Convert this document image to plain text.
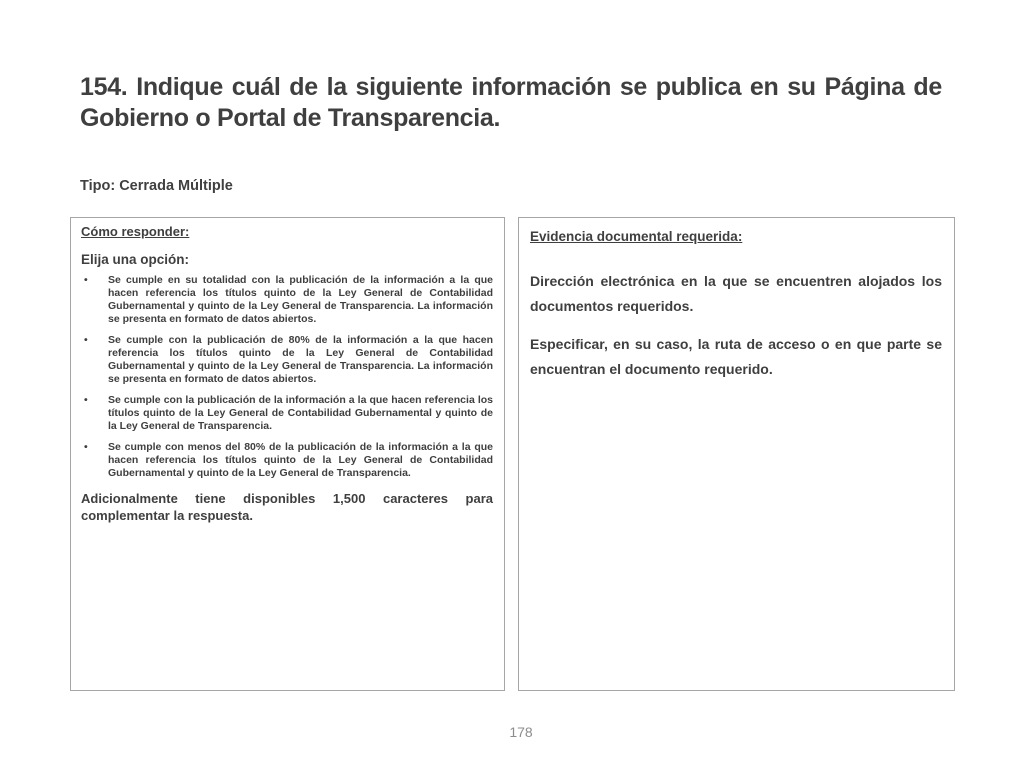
154. Indique cuál de la siguiente información se publica en su Página de Gobierno o Portal de Transparencia.

Tipo: Cerrada Múltiple

Cómo responder:

Elija una opción:

• Se cumple en su totalidad con la publicación de la información a la que hacen referencia los títulos quinto de la Ley General de Contabilidad Gubernamental y quinto de la Ley General de Transparencia. La información se presenta en formato de datos abiertos.
• Se cumple con la publicación de 80% de la información a la que hacen referencia los títulos quinto de la Ley General de Contabilidad Gubernamental y quinto de la Ley General de Transparencia. La información se presenta en formato de datos abiertos.
• Se cumple con la publicación de la información a la que hacen referencia los títulos quinto de la Ley General de Contabilidad Gubernamental y quinto de la Ley General de Transparencia.
• Se cumple con menos del 80% de la publicación de la información a la que hacen referencia los títulos quinto de la Ley General de Contabilidad Gubernamental y quinto de la Ley General de Transparencia.

Adicionalmente tiene disponibles 1,500 caracteres para complementar la respuesta.

Evidencia documental requerida:

Dirección electrónica en la que se encuentren alojados los documentos requeridos.

Especificar, en su caso, la ruta de acceso o en que parte se encuentran el documento requerido.

178
